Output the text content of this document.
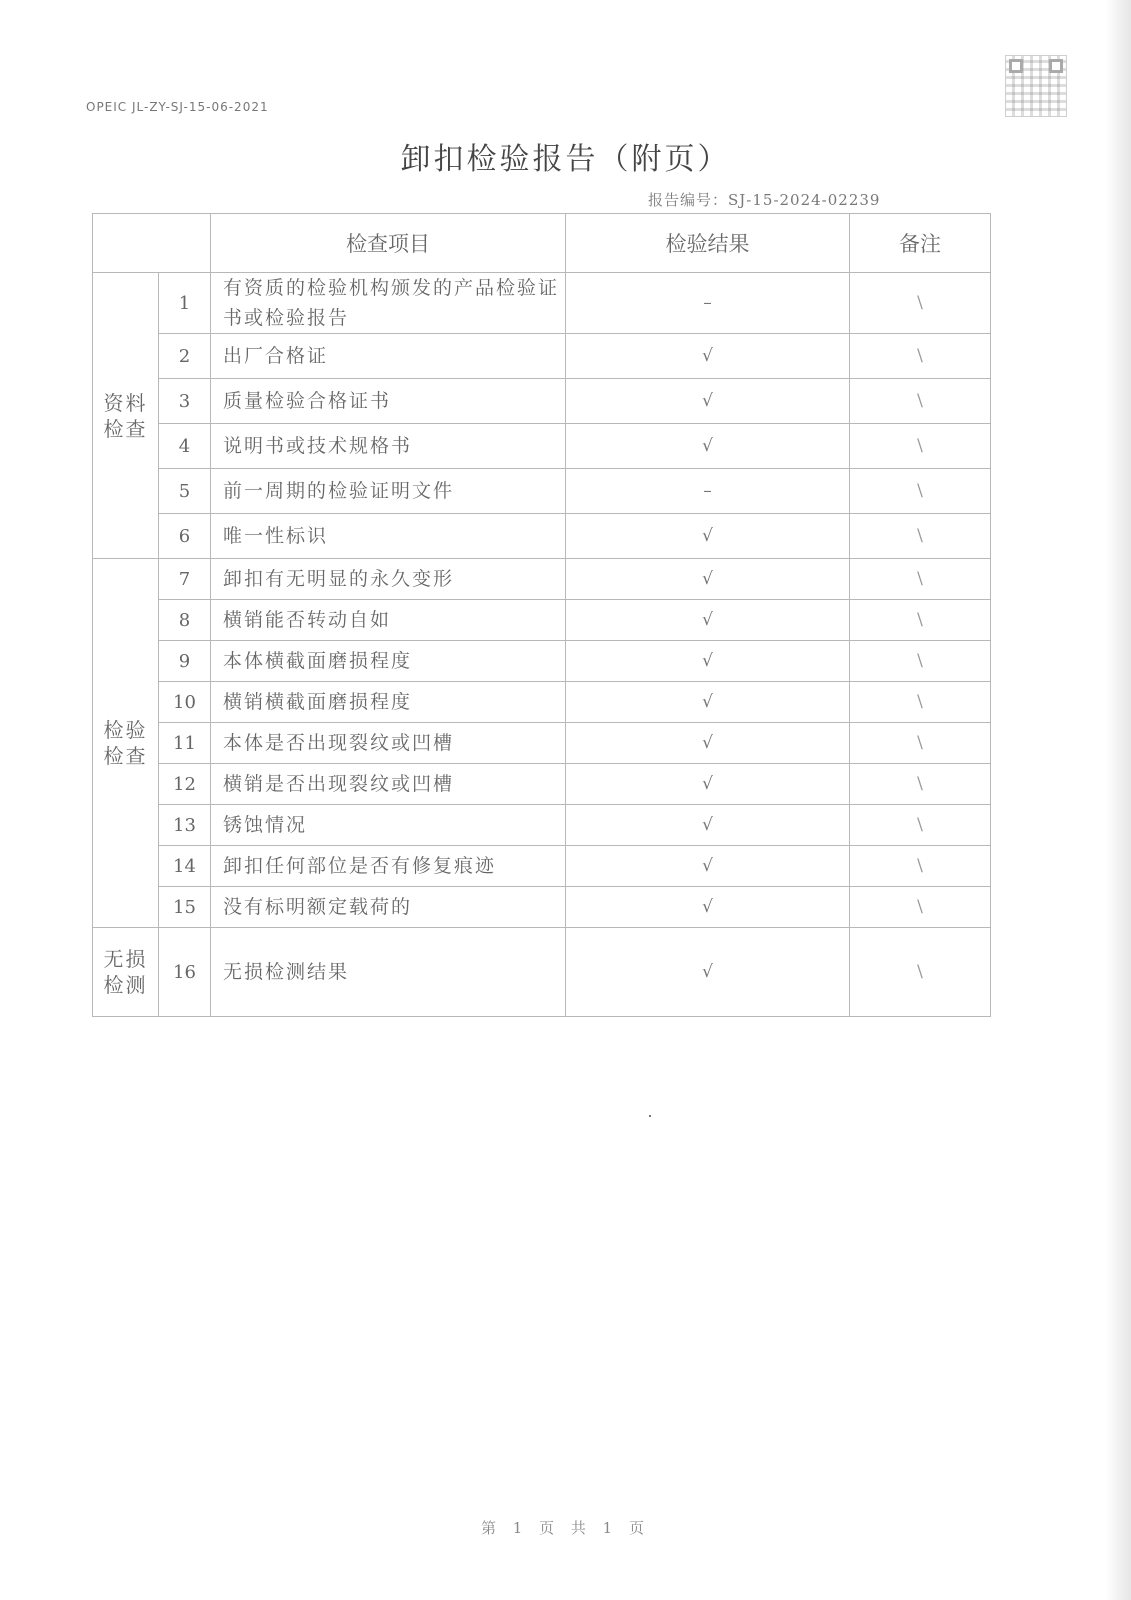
OPEIC JL-ZY-SJ-15-06-2021
卸扣检验报告（附页）
报告编号：SJ-15-2024-02239
		检查项目	检验结果	备注
资料检查	1	有资质的检验机构颁发的产品检验证书或检验报告	–	\
	2	出厂合格证	√	\
	3	质量检验合格证书	√	\
	4	说明书或技术规格书	√	\
	5	前一周期的检验证明文件	–	\
	6	唯一性标识	√	\
检验检查	7	卸扣有无明显的永久变形	√	\
	8	横销能否转动自如	√	\
	9	本体横截面磨损程度	√	\
	10	横销横截面磨损程度	√	\
	11	本体是否出现裂纹或凹槽	√	\
	12	横销是否出现裂纹或凹槽	√	\
	13	锈蚀情况	√	\
	14	卸扣任何部位是否有修复痕迹	√	\
	15	没有标明额定载荷的	√	\
无损检测	16	无损检测结果	√	\
第 1 页 共 1 页
